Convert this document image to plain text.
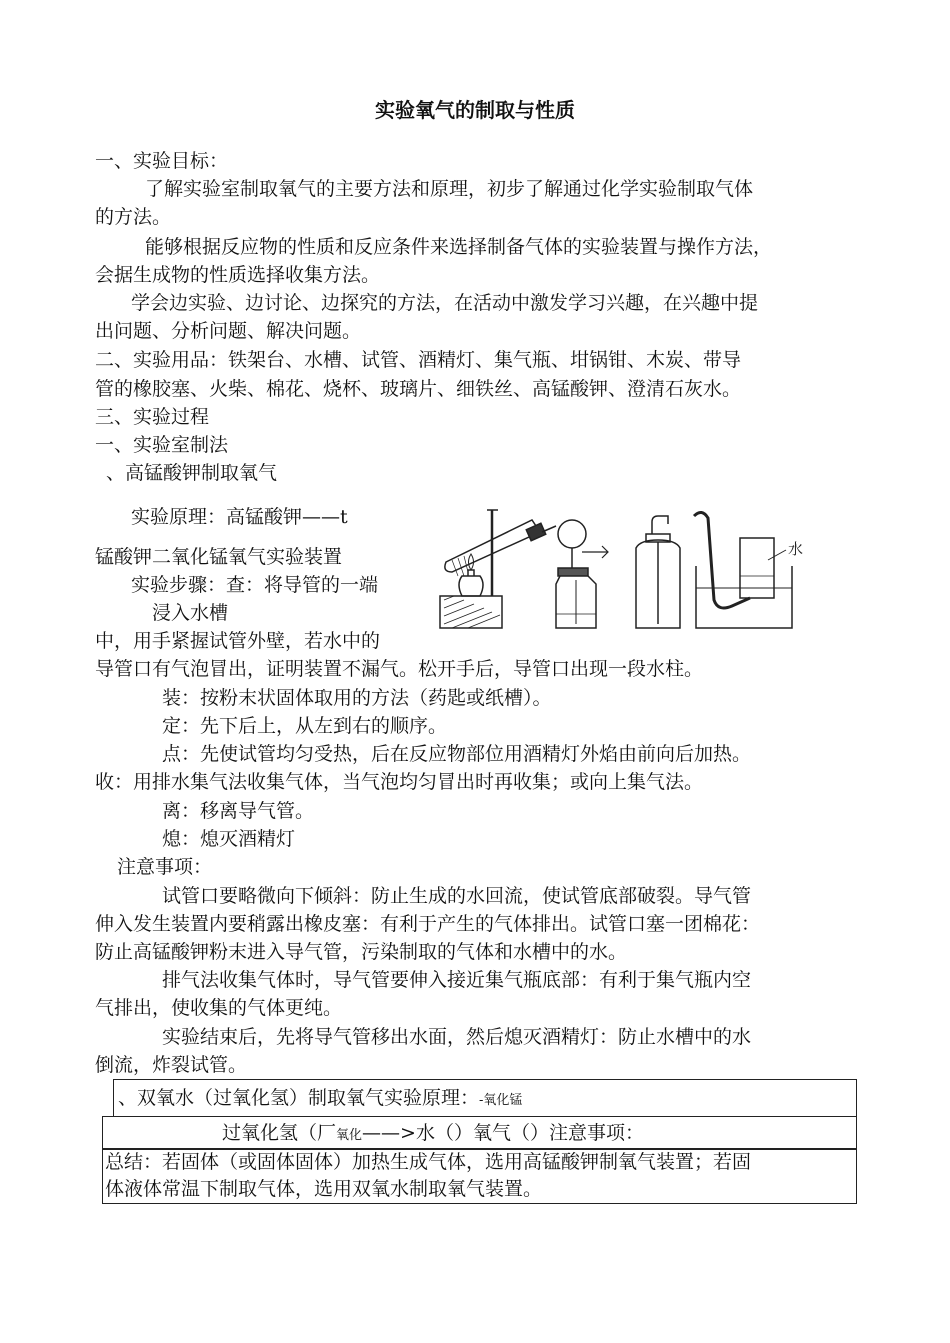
实验氧气的制取与性质
一、实验目标：
了解实验室制取氧气的主要方法和原理，初步了解通过化学实验制取气体
的方法。
能够根据反应物的性质和反应条件来选择制备气体的实验装置与操作方法，
会据生成物的性质选择收集方法。
学会边实验、边讨论、边探究的方法，在活动中激发学习兴趣，在兴趣中提
出问题、分析问题、解决问题。
二、实验用品：铁架台、水槽、试管、酒精灯、集气瓶、坩锅钳、木炭、带导
管的橡胶塞、火柴、棉花、烧杯、玻璃片、细铁丝、高锰酸钾、澄清石灰水。
三、实验过程
一、实验室制法
、高锰酸钾制取氧气
实验原理：高锰酸钾——t
锰酸钾二氧化锰氧气实验装置
实验步骤：查：将导管的一端
浸入水槽
中，用手紧握试管外壁，若水中的
导管口有气泡冒出，证明装置不漏气。松开手后，导管口出现一段水柱。
装：按粉末状固体取用的方法（药匙或纸槽）。
定：先下后上，从左到右的顺序。
点：先使试管均匀受热，后在反应物部位用酒精灯外焰由前向后加热。
收：用排水集气法收集气体，当气泡均匀冒出时再收集；或向上集气法。
离：移离导气管。
熄：熄灭酒精灯
注意事项：
试管口要略微向下倾斜：防止生成的水回流，使试管底部破裂。导气管
伸入发生装置内要稍露出橡皮塞：有利于产生的气体排出。试管口塞一团棉花：
防止高锰酸钾粉末进入导气管，污染制取的气体和水槽中的水。
排气法收集气体时，导气管要伸入接近集气瓶底部：有利于集气瓶内空
气排出，使收集的气体更纯。
实验结束后，先将导气管移出水面，然后熄灭酒精灯：防止水槽中的水
倒流，炸裂试管。
、双氧水（过氧化氢）制取氧气实验原理：-氧化锰
过氧化氢（厂氧化——>水（）氧气（）注意事项：
总结：若固体（或固体固体）加热生成气体，选用高锰酸钾制氧气装置；若固
体液体常温下制取气体，选用双氧水制取氧气装置。
水
